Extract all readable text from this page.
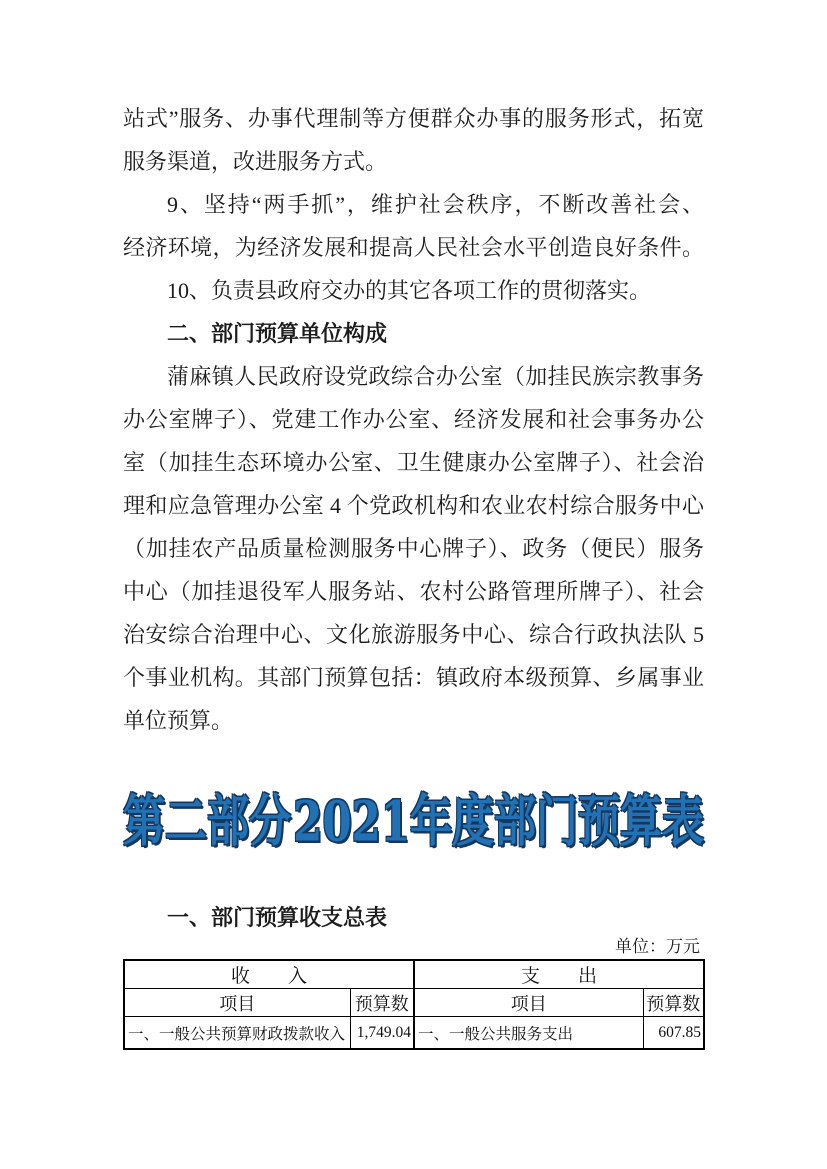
站式”服务、办事代理制等方便群众办事的服务形式，拓宽
服务渠道，改进服务方式。
9、坚持“两手抓”，维护社会秩序，不断改善社会、
经济环境，为经济发展和提高人民社会水平创造良好条件。
10、负责县政府交办的其它各项工作的贯彻落实。
二、部门预算单位构成
蒲麻镇人民政府设党政综合办公室（加挂民族宗教事务
办公室牌子）、党建工作办公室、经济发展和社会事务办公
室（加挂生态环境办公室、卫生健康办公室牌子）、社会治
理和应急管理办公室 4 个党政机构和农业农村综合服务中心
（加挂农产品质量检测服务中心牌子）、政务（便民）服务
中心（加挂退役军人服务站、农村公路管理所牌子）、社会
治安综合治理中心、文化旅游服务中心、综合行政执法队 5
个事业机构。其部门预算包括：镇政府本级预算、乡属事业
单位预算。
第二部分 2021年度部门预算表
一、部门预算收支总表
单位：万元
收　　入		支　　出	
项目	预算数	项目	预算数
一、一般公共预算财政拨款收入	1,749.04	一、一般公共服务支出	607.85
